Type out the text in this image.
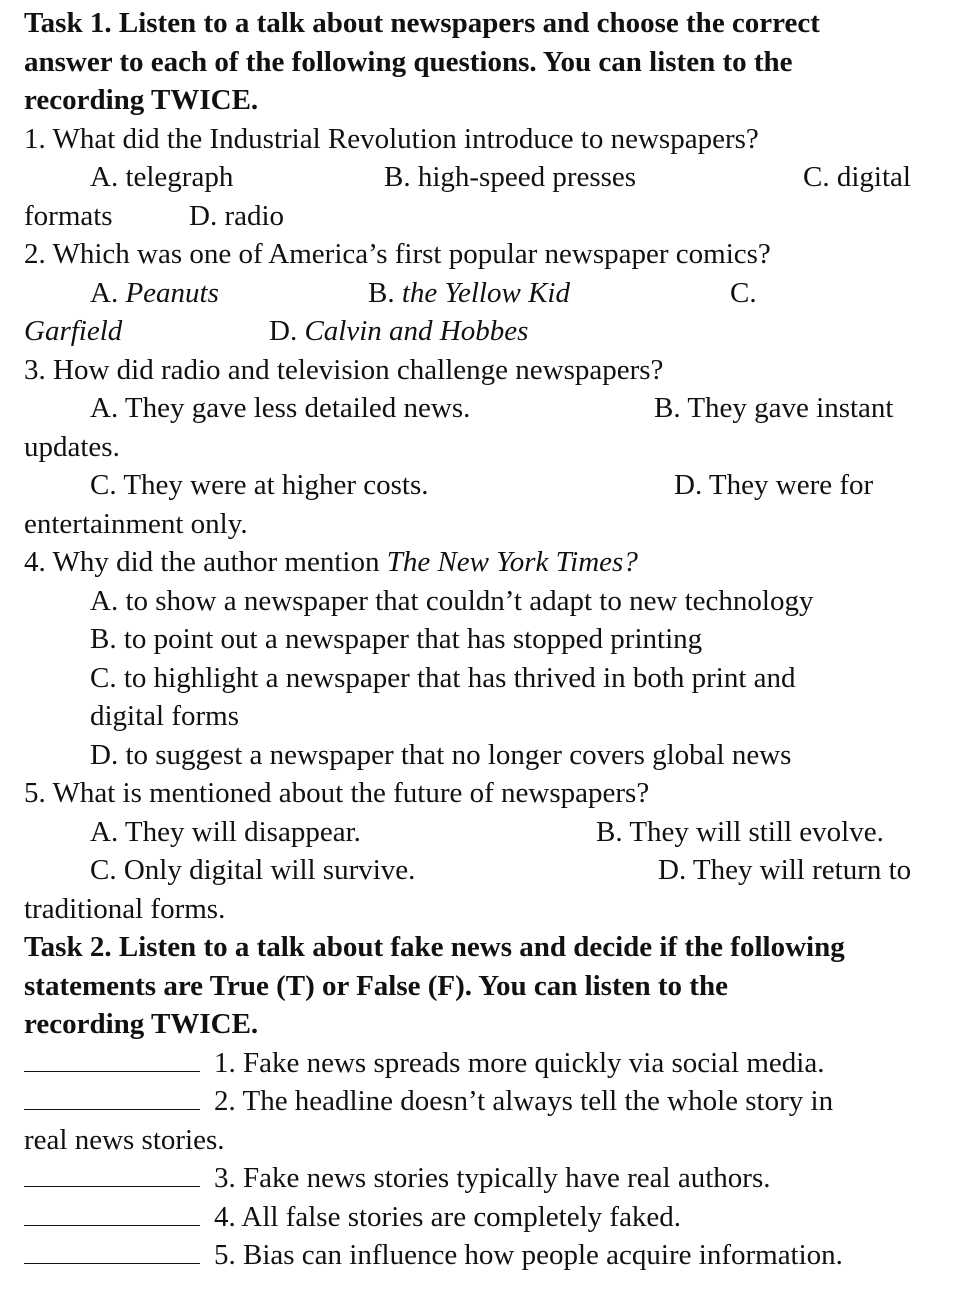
Task 1. Listen to a talk about newspapers and choose the correct
answer to each of the following questions. You can listen to the
recording TWICE.
1. What did the Industrial Revolution introduce to newspapers?
A. telegraph	B. high-speed presses	C. digital
formats	D. radio
2. Which was one of America’s first popular newspaper comics?
A. Peanuts	B. the Yellow Kid	C.
Garfield	D. Calvin and Hobbes
3. How did radio and television challenge newspapers?
A. They gave less detailed news.	B. They gave instant
updates.
C. They were at higher costs.	D. They were for
entertainment only.
4. Why did the author mention The New York Times?
A. to show a newspaper that couldn’t adapt to new technology
B. to point out a newspaper that has stopped printing
C. to highlight a newspaper that has thrived in both print and
digital forms
D. to suggest a newspaper that no longer covers global news
5. What is mentioned about the future of newspapers?
A. They will disappear.	B. They will still evolve.
C. Only digital will survive.	D. They will return to
traditional forms.
Task 2. Listen to a talk about fake news and decide if the following
statements are True (T) or False (F). You can listen to the
recording TWICE.
1. Fake news spreads more quickly via social media.
2. The headline doesn’t always tell the whole story in
real news stories.
3. Fake news stories typically have real authors.
4. All false stories are completely faked.
5. Bias can influence how people acquire information.
